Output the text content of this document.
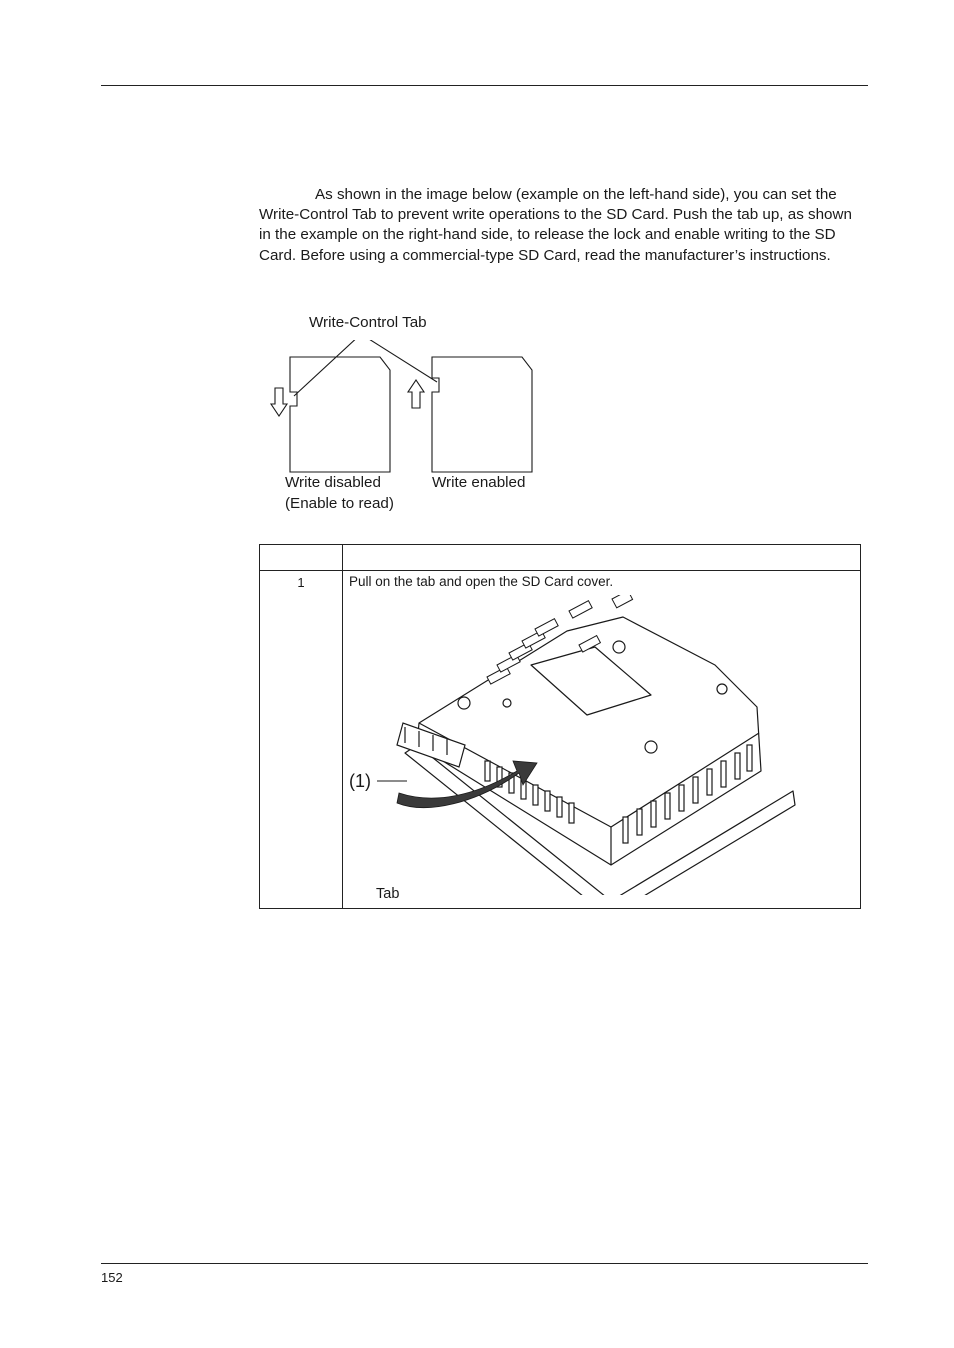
As shown in the image below (example on the left-hand side), you can set the Write-Control Tab to prevent write operations to the SD Card. Push the tab up, as shown in the example on the right-hand side, to release the lock and enable writing to the SD Card. Before using a commercial-type SD Card, read the manufacturer’s instructions.

Write-Control Tab
Write disabled
(Enable to read)
Write enabled

1	Pull on the tab and open the SD Card cover.
(1)
Tab
152
